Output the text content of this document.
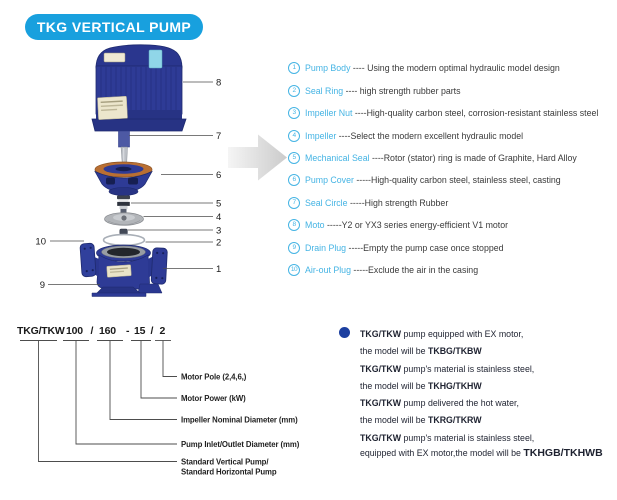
TKG VERTICAL PUMP
8
7
6
5
4
3
2
1
10
9
1	Pump Body ---- Using the modern optimal hydraulic model design
2	Seal Ring ---- high strength rubber parts
3	Impeller Nut ----High-quality carbon steel, corrosion-resistant stainless steel
4	Impeller ----Select the modern excellent hydraulic model
5	Mechanical Seal ----Rotor (stator) ring is made of Graphite, Hard Alloy
6	Pump Cover -----High-quality carbon steel, stainless steel, casting
7	Seal Circle -----High strength Rubber
8	Moto -----Y2 or YX3 series energy-efficient V1 motor
9	Drain Plug -----Empty the pump case once stopped
10 Air-out Plug -----Exclude the air in the casing
TKG/TKW 100 / 160 - 15 / 2
Motor Pole (2,4,6,)
Motor Power (kW)
Impeller Nominal Diameter (mm)
Pump Inlet/Outlet Diameter (mm)
Standard Vertical Pump/
Standard Horizontal Pump
TKG/TKW pump equipped with EX motor,
the model will be TKBG/TKBW
TKG/TKW pump's material is stainless steel,
the model will be TKHG/TKHW
TKG/TKW pump delivered the hot water,
the model will be TKRG/TKRW
TKG/TKW pump's material is stainless steel,
equipped with EX motor,the model will be TKHGB/TKHWB
